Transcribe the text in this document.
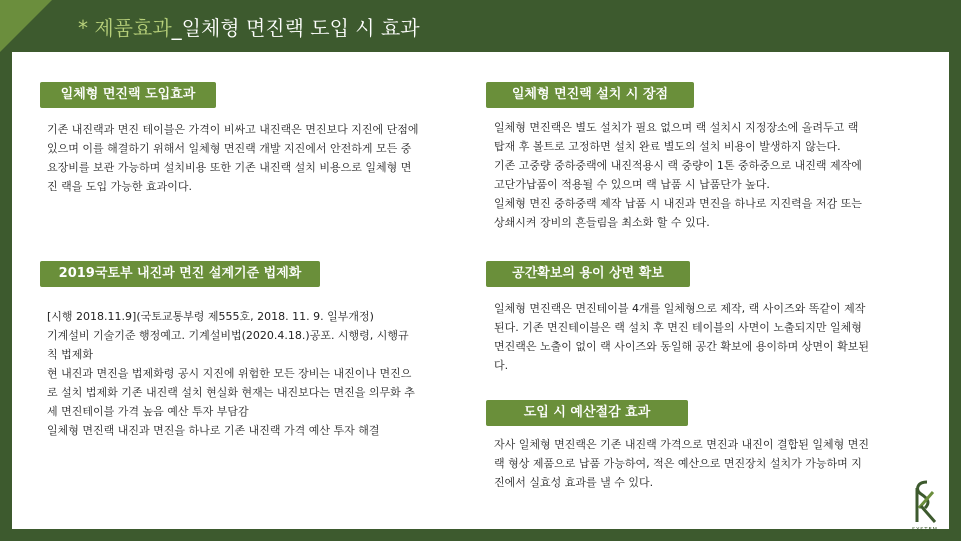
* 제품효과_일체형 면진랙 도입 시 효과
일체형 면진랙 도입효과

기존 내진랙과 면진 테이블은 가격이 비싸고 내진랙은 면진보다 지진에 단점에 있으며 이를 해결하기 위해서 일체형 면진랙 개발 지진에서 안전하게 모든 중요장비를 보관 가능하며 설치비용 또한 기존 내진랙 설치 비용으로 일체형 면진 랙을 도입 가능한 효과이다.

2019국토부 내진과 면진 설계기준 법제화

[시행 2018.11.9](국토교통부령 제555호, 2018. 11. 9. 일부개정)

기계설비 기술기준 행정예고. 기계설비법(2020.4.18.)공포. 시행령, 시행규칙 법제화

현 내진과 면진을 법제화령 공시 지진에 위험한 모든 장비는 내진이나 면진으로 설치 법제화 기존 내진랙 설치 현실화 현재는 내진보다는 면진을 의무화 추세 면진테이블 가격 높음 예산 투자 부담감

일체형 면진랙 내진과 면진을 하나로 기존 내진랙 가격 예산 투자 해결

일체형 면진랙 설치 시 장점

일체형 면진랙은 별도 설치가 필요 없으며 랙 설치시 지정장소에 올려두고 랙 탑재 후 볼트로 고정하면 설치 완료 별도의 설치 비용이 발생하지 않는다.

기존 고중량 중하중랙에 내진적용시 랙 중량이 1톤 중하중으로 내진랙 제작에 고단가납품이 적용될 수 있으며 랙 납품 시 납품단가 높다.

일체형 면진 중하중랙 제작 납품 시 내진과 면진을 하나로 지진력을 저감 또는 상쇄시켜 장비의 흔들림을 최소화 할 수 있다.

공간확보의 용이 상면 확보

일체형 면진랙은 면진테이블 4개를 일체형으로 제작, 랙 사이즈와 똑같이 제작된다. 기존 면진테이블은 랙 설치 후 면진 테이블의 사면이 노출되지만 일체형 면진랙은 노출이 없이 랙 사이즈와 동일해 공간 확보에 용이하며 상면이 확보된다.

도입 시 예산절감 효과

자사 일체형 면진랙은 기존 내진랙 가격으로 면진과 내진이 결합된 일체형 면진랙 형상 제품으로 납품 가능하여, 적은 예산으로 면진장치 설치가 가능하며 지진에서 실효성 효과를 낼 수 있다.

SYSTEM
